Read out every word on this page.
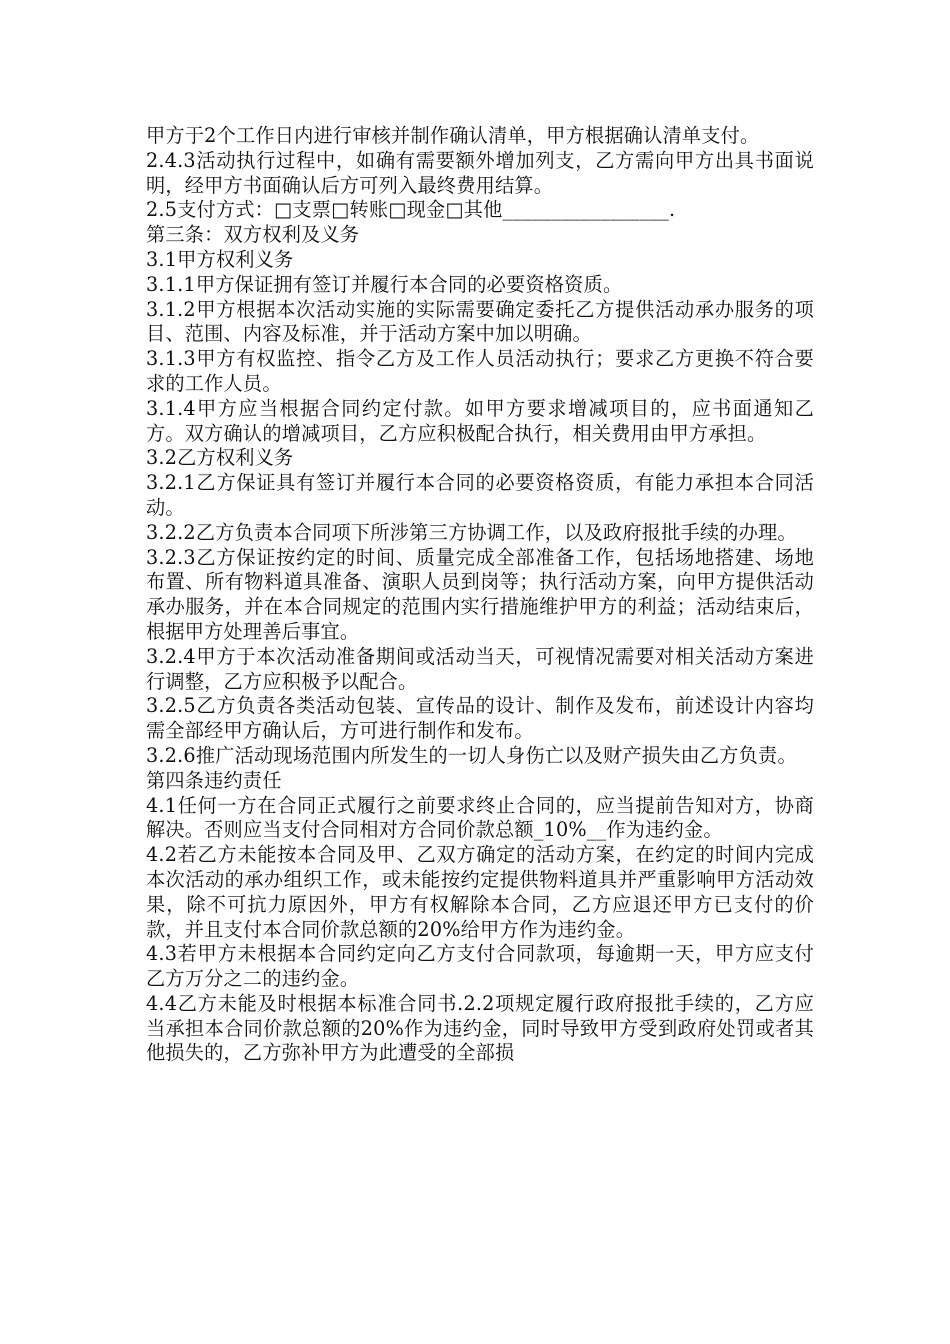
甲方于2个工作日内进行审核并制作确认清单，甲方根据确认清单支付。

2.4.3活动执行过程中，如确有需要额外增加列支，乙方需向甲方出具书面说明，经甲方书面确认后方可列入最终费用结算。

2.5支付方式：□支票□转账□现金□其他_________________.

第三条：双方权利及义务

3.1甲方权利义务

3.1.1甲方保证拥有签订并履行本合同的必要资格资质。

3.1.2甲方根据本次活动实施的实际需要确定委托乙方提供活动承办服务的项目、范围、内容及标准，并于活动方案中加以明确。

3.1.3甲方有权监控、指令乙方及工作人员活动执行；要求乙方更换不符合要求的工作人员。

3.1.4甲方应当根据合同约定付款。如甲方要求增减项目的，应书面通知乙方。双方确认的增减项目，乙方应积极配合执行，相关费用由甲方承担。

3.2乙方权利义务

3.2.1乙方保证具有签订并履行本合同的必要资格资质，有能力承担本合同活动。

3.2.2乙方负责本合同项下所涉第三方协调工作，以及政府报批手续的办理。

3.2.3乙方保证按约定的时间、质量完成全部准备工作，包括场地搭建、场地布置、所有物料道具准备、演职人员到岗等；执行活动方案，向甲方提供活动承办服务，并在本合同规定的范围内实行措施维护甲方的利益；活动结束后，根据甲方处理善后事宜。

3.2.4甲方于本次活动准备期间或活动当天，可视情况需要对相关活动方案进行调整，乙方应积极予以配合。

3.2.5乙方负责各类活动包装、宣传品的设计、制作及发布，前述设计内容均需全部经甲方确认后，方可进行制作和发布。

3.2.6推广活动现场范围内所发生的一切人身伤亡以及财产损失由乙方负责。

第四条违约责任

4.1任何一方在合同正式履行之前要求终止合同的，应当提前告知对方，协商解决。否则应当支付合同相对方合同价款总额_10%__作为违约金。

4.2若乙方未能按本合同及甲、乙双方确定的活动方案，在约定的时间内完成本次活动的承办组织工作，或未能按约定提供物料道具并严重影响甲方活动效果，除不可抗力原因外，甲方有权解除本合同，乙方应退还甲方已支付的价款，并且支付本合同价款总额的20%给甲方作为违约金。

4.3若甲方未根据本合同约定向乙方支付合同款项，每逾期一天，甲方应支付乙方万分之二的违约金。

4.4乙方未能及时根据本标准合同书.2.2项规定履行政府报批手续的，乙方应当承担本合同价款总额的20%作为违约金，同时导致甲方受到政府处罚或者其他损失的，乙方弥补甲方为此遭受的全部损
